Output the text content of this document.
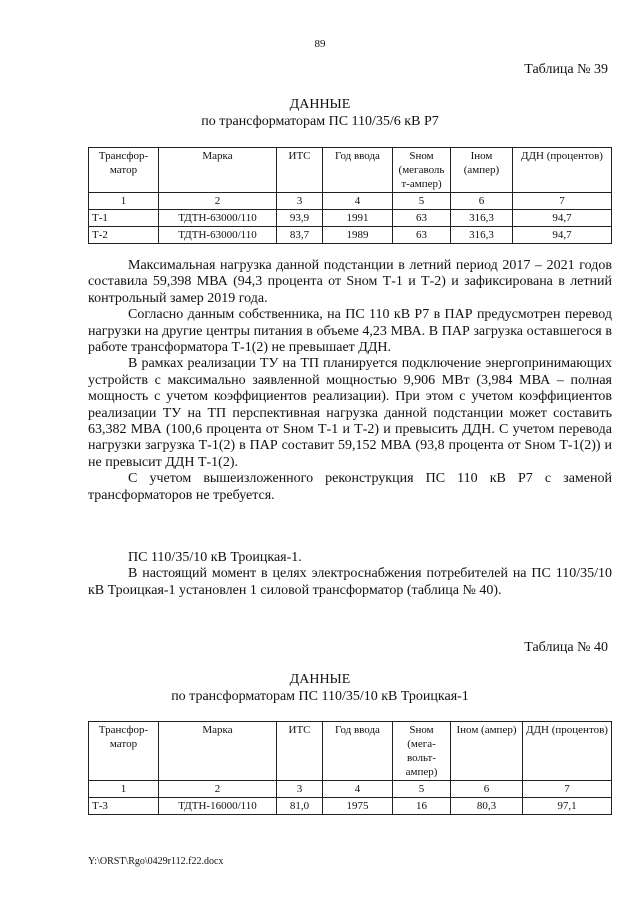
89
Таблица № 39
ДАННЫЕ
по трансформаторам ПС 110/35/6 кВ Р7
Трансфор-матор	Марка	ИТС	Год ввода	Sном (мегаволь т-ампер)	Iном (ампер)	ДДН (процентов)
1	2	3	4	5	6	7
Т-1	ТДТН-63000/110	93,9	1991	63	316,3	94,7
Т-2	ТДТН-63000/110	83,7	1989	63	316,3	94,7

Максимальная нагрузка данной подстанции в летний период 2017 – 2021 годов составила 59,398 МВА (94,3 процента от Sном Т-1 и Т-2) и зафиксирована в летний контрольный замер 2019 года.

Согласно данным собственника, на ПС 110 кВ Р7 в ПАР предусмотрен перевод нагрузки на другие центры питания в объеме 4,23 МВА. В ПАР загрузка оставшегося в работе трансформатора Т-1(2) не превышает ДДН.

В рамках реализации ТУ на ТП планируется подключение энергопринимающих устройств с максимально заявленной мощностью 9,906 МВт (3,984 МВА – полная мощность с учетом коэффициентов реализации). При этом с учетом коэффициентов реализации ТУ на ТП перспективная нагрузка данной подстанции может составить 63,382 МВА (100,6 процента от Sном Т-1 и Т-2) и превысить ДДН. С учетом перевода нагрузки загрузка Т-1(2) в ПАР составит 59,152 МВА (93,8 процента от Sном Т-1(2)) и не превысит ДДН Т-1(2).

С учетом вышеизложенного реконструкция ПС 110 кВ Р7 с заменой трансформаторов не требуется.

ПС 110/35/10 кВ Троицкая-1.

В настоящий момент в целях электроснабжения потребителей на ПС 110/35/10 кВ Троицкая-1 установлен 1 силовой трансформатор (таблица № 40).

Таблица № 40
ДАННЫЕ
по трансформаторам ПС 110/35/10 кВ Троицкая-1
Трансфор-матор	Марка	ИТС	Год ввода	Sном (мега-вольт-ампер)	Iном (ампер)	ДДН (процентов)
1	2	3	4	5	6	7
Т-3	ТДТН-16000/110	81,0	1975	16	80,3	97,1
Y:\ORST\Rgo\0429r112.f22.docx
